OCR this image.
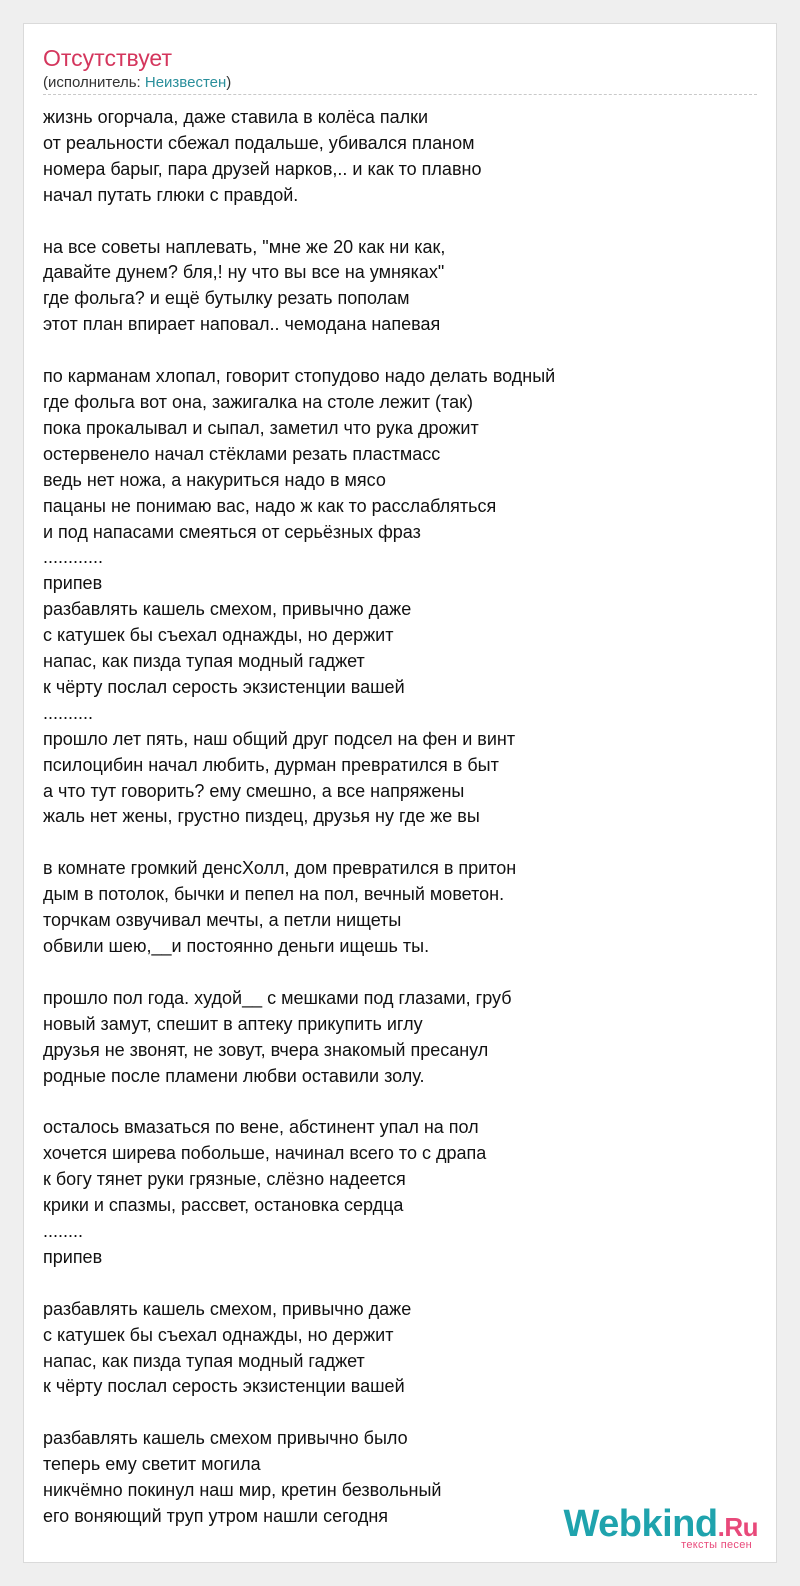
Отсутствует
(исполнитель: Неизвестен)
жизнь огорчала, даже ставила в колёса палки
от реальности сбежал подальше, убивался планом
номера барыг, пара друзей нарков,.. и как то плавно
начал путать глюки с правдой.

на все советы наплевать, "мне же 20 как ни как,
давайте дунем? бля,! ну что вы все на умняках"
где фольга? и ещё бутылку резать пополам
этот план впирает наповал.. чемодана напевая

по карманам хлопал, говорит стопудово надо делать водный
где фольга вот она, зажигалка на столе лежит (так)
пока прокалывал и сыпал, заметил что рука дрожит
остервенело начал стёклами резать пластмасс
ведь нет ножа, а накуриться надо в мясо
пацаны не понимаю вас, надо ж как то расслабляться
и под напасами смеяться от серьёзных фраз
............
припев
разбавлять кашель смехом, привычно даже
с катушек бы съехал однажды, но держит
напас, как пизда тупая модный гаджет
к чёрту послал серость экзистенции вашей
..........
прошло лет пять, наш общий друг подсел на фен и винт
псилоцибин начал любить, дурман превратился в быт
а что тут говорить? ему смешно, а все напряжены
жаль нет жены, грустно пиздец, друзья ну где же вы

в комнате громкий денсХолл, дом превратился в притон
дым в потолок, бычки и пепел на пол, вечный моветон.
торчкам озвучивал мечты, а петли нищеты
обвили шею,__и постоянно деньги ищешь ты.

прошло пол года. худой__ с мешками под глазами, груб
новый замут, спешит в аптеку прикупить иглу
друзья не звонят, не зовут, вчера знакомый пресанул
родные после пламени любви оставили золу.

осталось вмазаться по вене, абстинент упал на пол
хочется ширева побольше, начинал всего то с драпа
к богу тянет руки грязные, слёзно надеется
крики и спазмы, рассвет, остановка сердца
........
припев

разбавлять кашель смехом, привычно даже
с катушек бы съехал однажды, но держит
напас, как пизда тупая модный гаджет
к чёрту послал серость экзистенции вашей

разбавлять кашель смехом привычно было
теперь ему светит могила
никчёмно покинул наш мир, кретин безвольный
его воняющий труп утром нашли сегодня	Webkind.Ru
тексты песен
